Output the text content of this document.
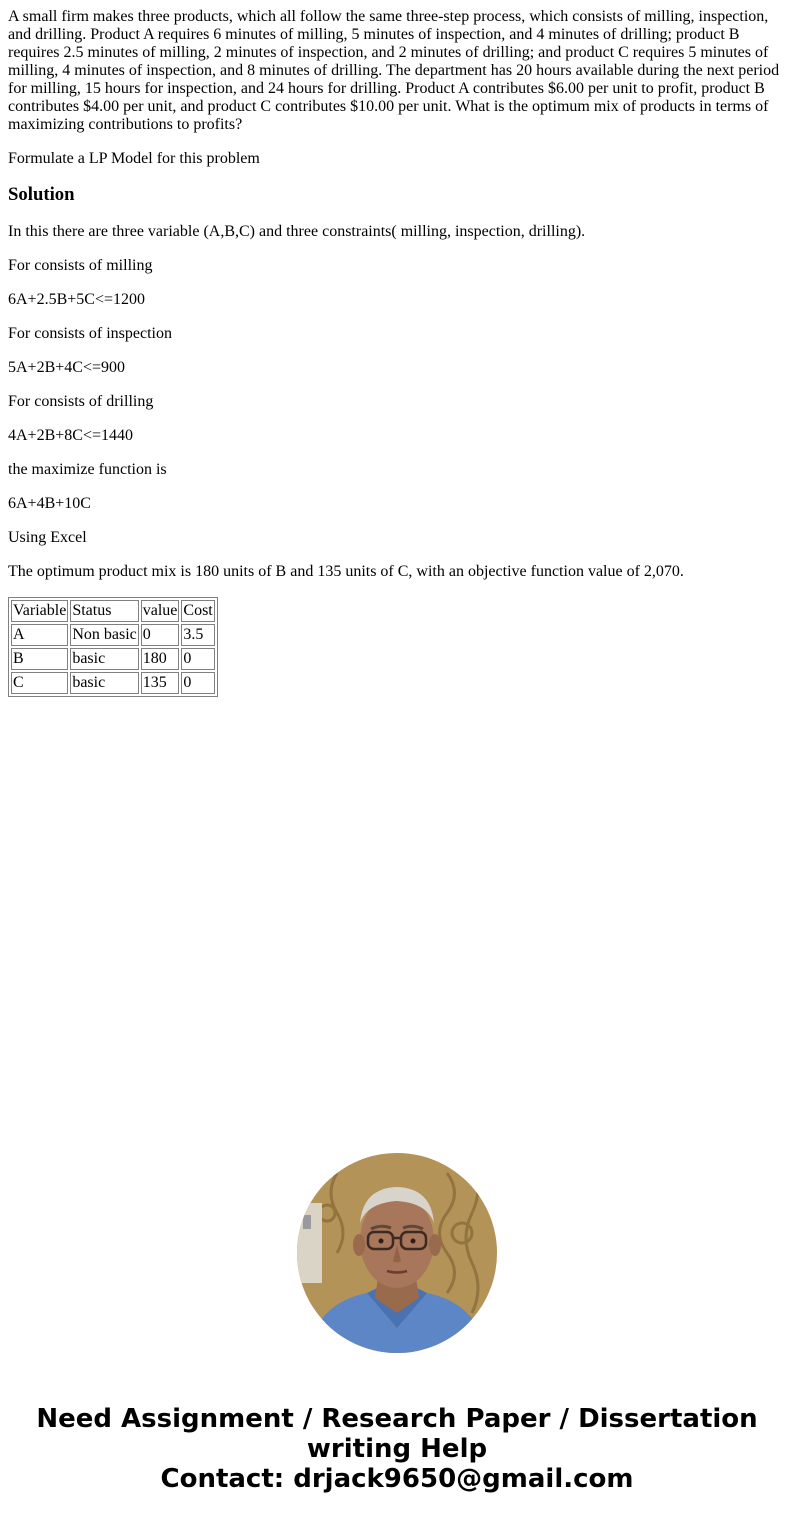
A small firm makes three products, which all follow the same three-step process, which consists of milling, inspection, and drilling. Product A requires 6 minutes of milling, 5 minutes of inspection, and 4 minutes of drilling; product B requires 2.5 minutes of milling, 2 minutes of inspection, and 2 minutes of drilling; and product C requires 5 minutes of milling, 4 minutes of inspection, and 8 minutes of drilling. The department has 20 hours available during the next period for milling, 15 hours for inspection, and 24 hours for drilling. Product A contributes $6.00 per unit to profit, product B contributes $4.00 per unit, and product C contributes $10.00 per unit. What is the optimum mix of products in terms of maximizing contributions to profits?

Formulate a LP Model for this problem

Solution

In this there are three variable (A,B,C) and three constraints( milling, inspection, drilling).

For consists of milling

6A+2.5B+5C<=1200

For consists of inspection

5A+2B+4C<=900

For consists of drilling

4A+2B+8C<=1440

the maximize function is

6A+4B+10C

Using Excel

The optimum product mix is 180 units of B and 135 units of C, with an objective function value of 2,070.

Variable	Status	value	Cost
A	Non basic	0	3.5
B	basic	180	0
C	basic	135	0
Need Assignment / Research Paper / Dissertation
writing Help
Contact: drjack9650@gmail.com
